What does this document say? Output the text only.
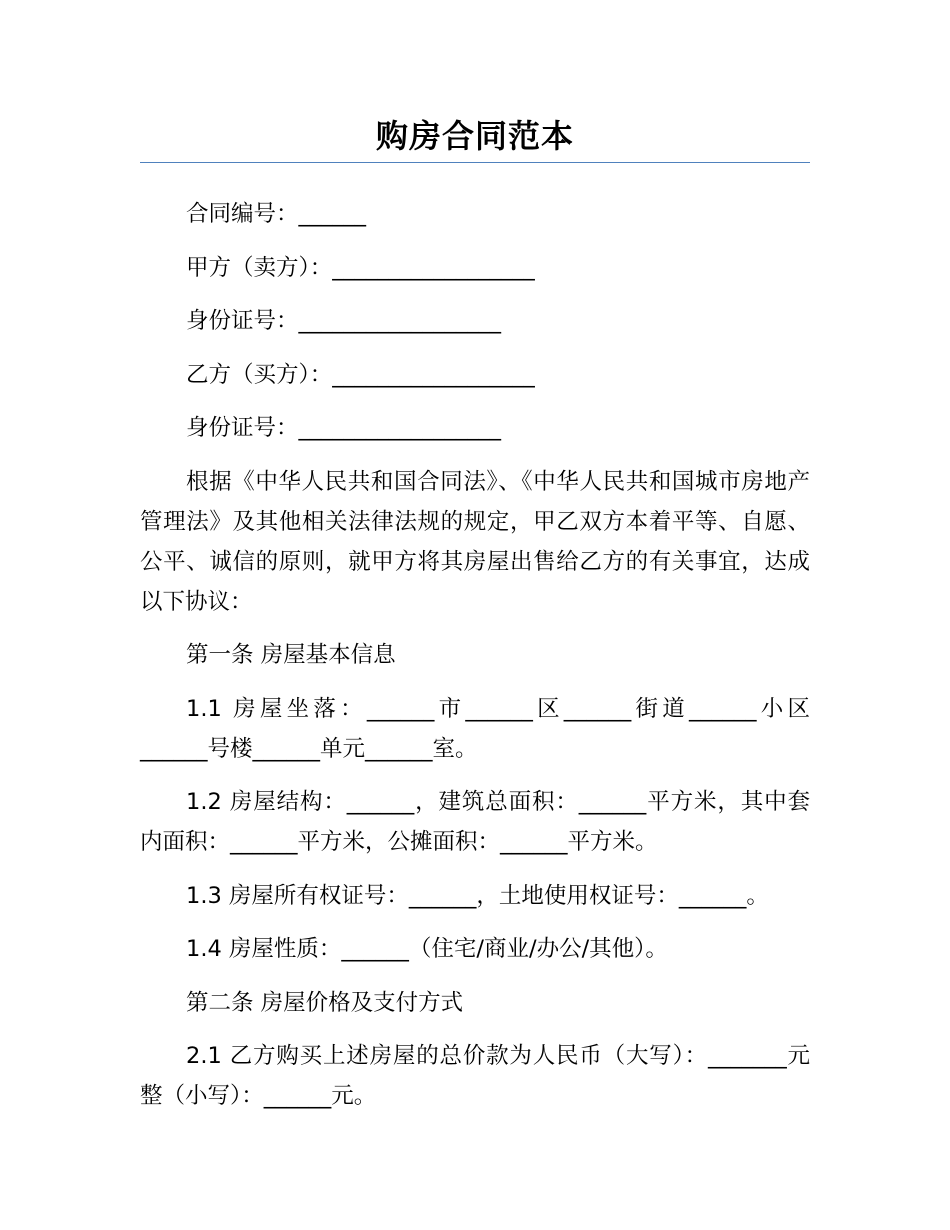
购房合同范本

合同编号：______

甲方（卖方）：__________________

身份证号：__________________

乙方（买方）：__________________

身份证号：__________________

根据《中华人民共和国合同法》、《中华人民共和国城市房地产管理法》及其他相关法律法规的规定，甲乙双方本着平等、自愿、公平、诚信的原则，就甲方将其房屋出售给乙方的有关事宜，达成以下协议：

第一条 房屋基本信息

1.1 房屋坐落：______市______区______街道______小区______号楼______单元______室。

1.2 房屋结构：______，建筑总面积：______平方米，其中套内面积：______平方米，公摊面积：______平方米。

1.3 房屋所有权证号：______，土地使用权证号：______。

1.4 房屋性质：______（住宅/商业/办公/其他）。

第二条 房屋价格及支付方式

2.1 乙方购买上述房屋的总价款为人民币（大写）：_______元整（小写）：______元。
